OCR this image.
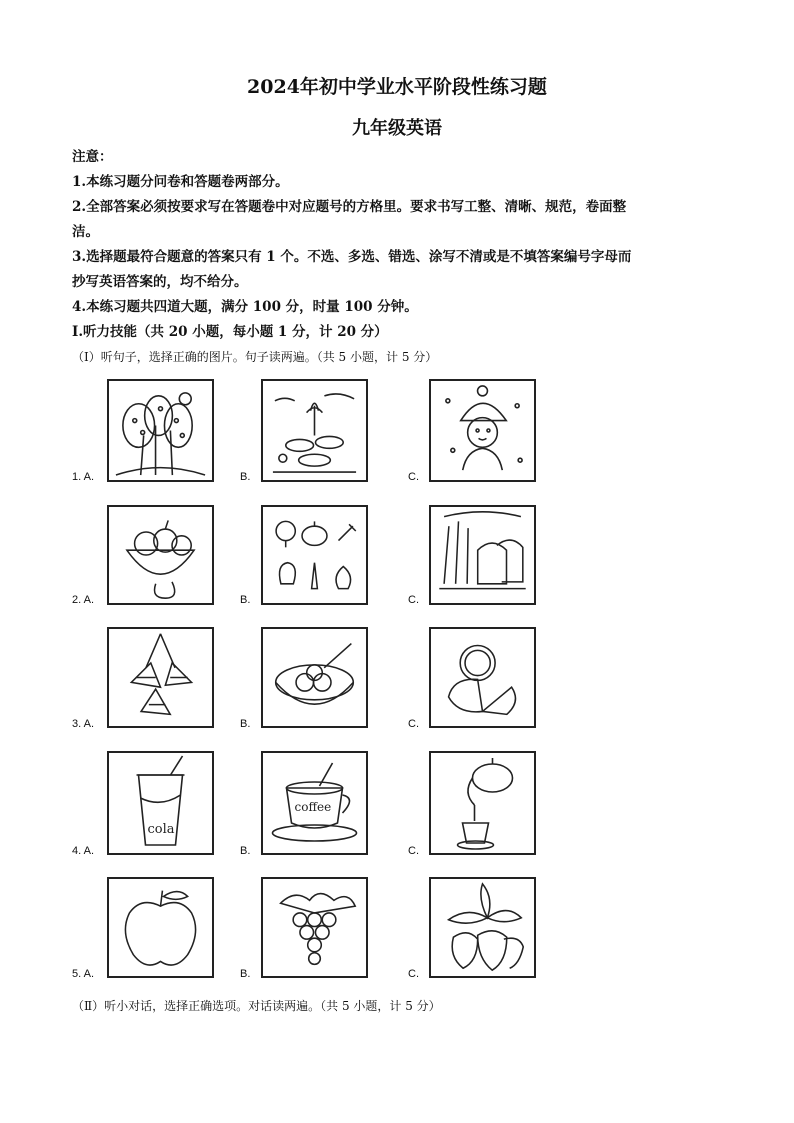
2024年初中学业水平阶段性练习题
九年级英语
注意：
1.本练习题分问卷和答题卷两部分。
2.全部答案必须按要求写在答题卷中对应题号的方格里。要求书写工整、清晰、规范，卷面整
洁。
3.选择题最符合题意的答案只有 1 个。不选、多选、错选、涂写不清或是不填答案编号字母而
抄写英语答案的，均不给分。
4.本练习题共四道大题，满分 100 分，时量 100 分钟。
Ⅰ.听力技能（共 20 小题，每小题 1 分，计 20 分）
（Ⅰ）听句子，选择正确的图片。句子读两遍。（共 5 小题，计 5 分）
1. A.	B.	C.
2. A.	B.	C.
3. A.	B.	C.
4. A.	B.	C.
cola
coffee
5. A.	B.	C.
（Ⅱ）听小对话，选择正确选项。对话读两遍。（共 5 小题，计 5 分）
